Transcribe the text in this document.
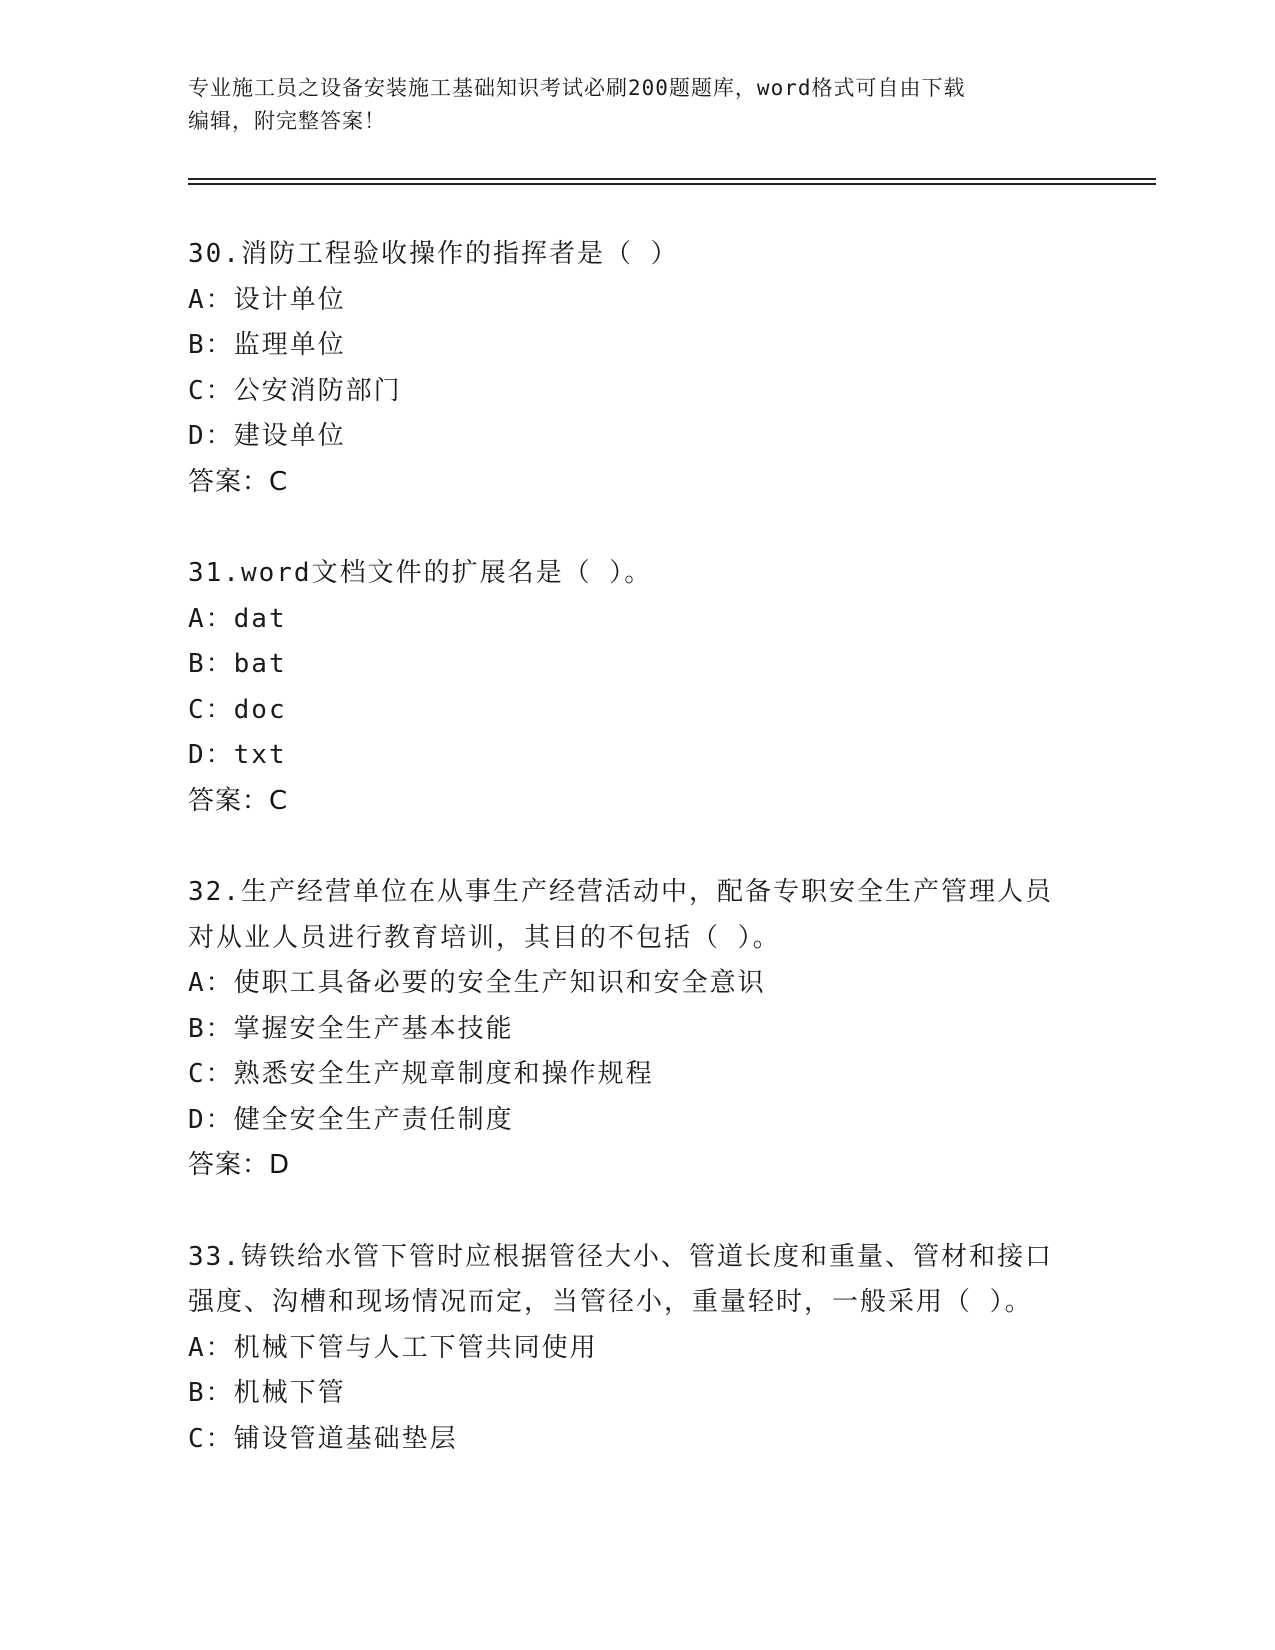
专业施工员之设备安装施工基础知识考试必刷200题题库，word格式可自由下载
编辑，附完整答案！
30.消防工程验收操作的指挥者是（ ）
A：设计单位
B：监理单位
C：公安消防部门
D：建设单位
答案：C
31.word文档文件的扩展名是（ ）。
A：dat
B：bat
C：doc
D：txt
答案：C
32.生产经营单位在从事生产经营活动中，配备专职安全生产管理人员
对从业人员进行教育培训，其目的不包括（ ）。
A：使职工具备必要的安全生产知识和安全意识
B：掌握安全生产基本技能
C：熟悉安全生产规章制度和操作规程
D：健全安全生产责任制度
答案：D
33.铸铁给水管下管时应根据管径大小、管道长度和重量、管材和接口
强度、沟槽和现场情况而定，当管径小，重量轻时，一般采用（ ）。
A：机械下管与人工下管共同使用
B：机械下管
C：铺设管道基础垫层
